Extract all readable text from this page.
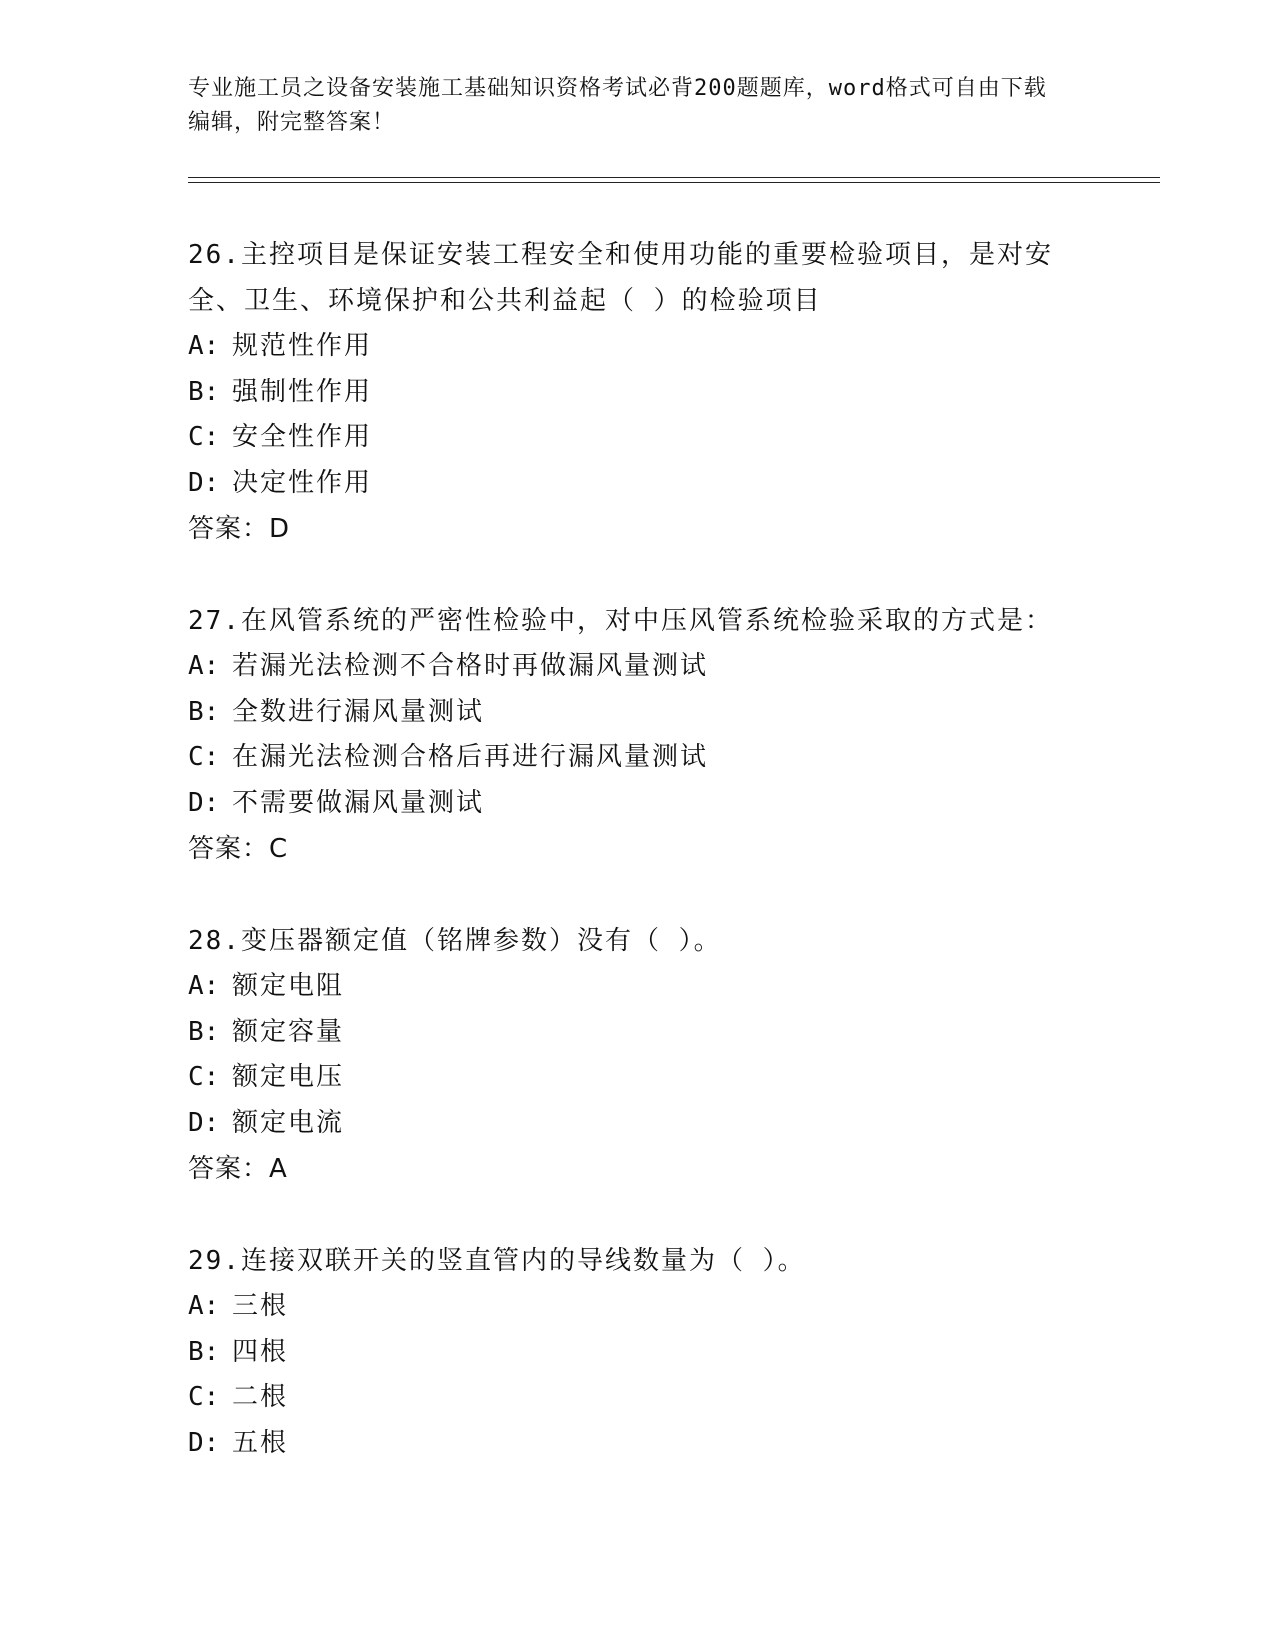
专业施工员之设备安装施工基础知识资格考试必背200题题库，word格式可自由下载编辑，附完整答案！

26.主控项目是保证安装工程安全和使用功能的重要检验项目，是对安全、卫生、环境保护和公共利益起（ ）的检验项目

A: 规范性作用

B: 强制性作用

C: 安全性作用

D: 决定性作用

答案：D

27.在风管系统的严密性检验中，对中压风管系统检验采取的方式是：

A: 若漏光法检测不合格时再做漏风量测试

B: 全数进行漏风量测试

C: 在漏光法检测合格后再进行漏风量测试

D: 不需要做漏风量测试

答案：C

28.变压器额定值（铭牌参数）没有（ ）。

A: 额定电阻

B: 额定容量

C: 额定电压

D: 额定电流

答案：A

29.连接双联开关的竖直管内的导线数量为（ ）。

A: 三根

B: 四根

C: 二根

D: 五根
